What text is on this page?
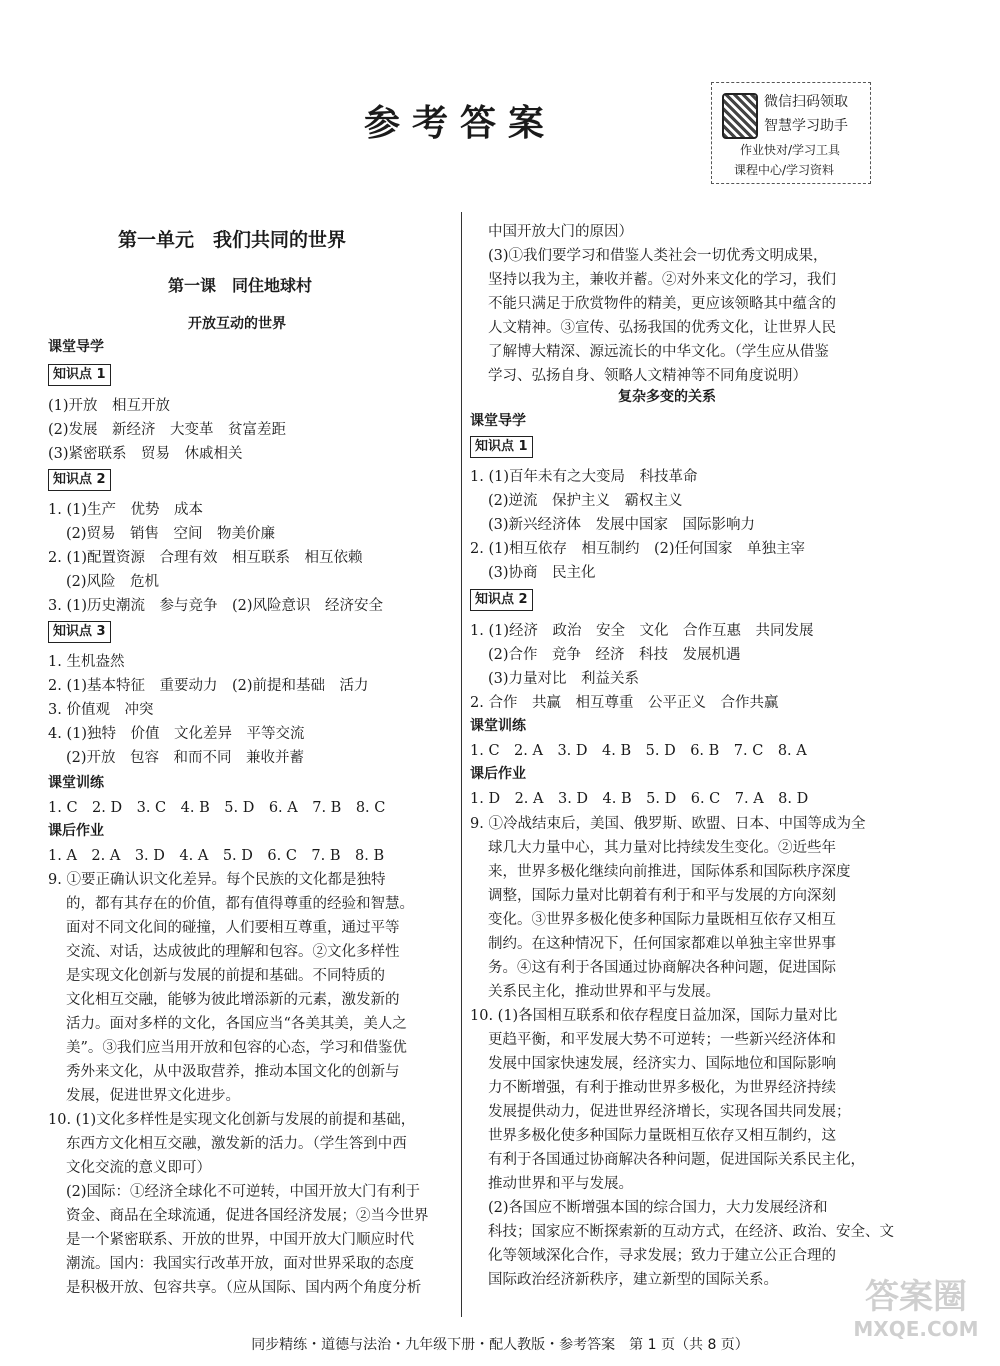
参考答案	微信扫码领取
智慧学习助手
作业快对/学习工具
课程中心/学习资料
第一单元　我们共同的世界
第一课　同住地球村
开放互动的世界
课堂导学
知识点 1
(1)开放　相互开放
(2)发展　新经济　大变革　贫富差距
(3)紧密联系　贸易　休戚相关
知识点 2
1. (1)生产　优势　成本
(2)贸易　销售　空间　物美价廉
2. (1)配置资源　合理有效　相互联系　相互依赖
(2)风险　危机
3. (1)历史潮流　参与竞争　(2)风险意识　经济安全
知识点 3
1. 生机盎然
2. (1)基本特征　重要动力　(2)前提和基础　活力
3. 价值观　冲突
4. (1)独特　价值　文化差异　平等交流
(2)开放　包容　和而不同　兼收并蓄
课堂训练
1. C　2. D　3. C　4. B　5. D　6. A　7. B　8. C
课后作业
1. A　2. A　3. D　4. A　5. D　6. C　7. B　8. B
9. ①要正确认识文化差异。每个民族的文化都是独特
的，都有其存在的价值，都有值得尊重的经验和智慧。
面对不同文化间的碰撞，人们要相互尊重，通过平等
交流、对话，达成彼此的理解和包容。②文化多样性
是实现文化创新与发展的前提和基础。不同特质的
文化相互交融，能够为彼此增添新的元素，激发新的
活力。面对多样的文化，各国应当“各美其美，美人之
美”。③我们应当用开放和包容的心态，学习和借鉴优
秀外来文化，从中汲取营养，推动本国文化的创新与
发展，促进世界文化进步。
10. (1)文化多样性是实现文化创新与发展的前提和基础，
东西方文化相互交融，激发新的活力。（学生答到中西
文化交流的意义即可）
(2)国际：①经济全球化不可逆转，中国开放大门有利于
资金、商品在全球流通，促进各国经济发展；②当今世界
是一个紧密联系、开放的世界，中国开放大门顺应时代
潮流。国内：我国实行改革开放，面对世界采取的态度
是积极开放、包容共享。（应从国际、国内两个角度分析
中国开放大门的原因）
(3)①我们要学习和借鉴人类社会一切优秀文明成果，
坚持以我为主，兼收并蓄。②对外来文化的学习，我们
不能只满足于欣赏物件的精美，更应该领略其中蕴含的
人文精神。③宣传、弘扬我国的优秀文化，让世界人民
了解博大精深、源远流长的中华文化。（学生应从借鉴
学习、弘扬自身、领略人文精神等不同角度说明）
复杂多变的关系
课堂导学
知识点 1
1. (1)百年未有之大变局　科技革命
(2)逆流　保护主义　霸权主义
(3)新兴经济体　发展中国家　国际影响力
2. (1)相互依存　相互制约　(2)任何国家　单独主宰
(3)协商　民主化
知识点 2
1. (1)经济　政治　安全　文化　合作互惠　共同发展
(2)合作　竞争　经济　科技　发展机遇
(3)力量对比　利益关系
2. 合作　共赢　相互尊重　公平正义　合作共赢
课堂训练
1. C　2. A　3. D　4. B　5. D　6. B　7. C　8. A
课后作业
1. D　2. A　3. D　4. B　5. D　6. C　7. A　8. D
9. ①冷战结束后，美国、俄罗斯、欧盟、日本、中国等成为全
球几大力量中心，其力量对比持续发生变化。②近些年
来，世界多极化继续向前推进，国际体系和国际秩序深度
调整，国际力量对比朝着有利于和平与发展的方向深刻
变化。③世界多极化使多种国际力量既相互依存又相互
制约。在这种情况下，任何国家都难以单独主宰世界事
务。④这有利于各国通过协商解决各种问题，促进国际
关系民主化，推动世界和平与发展。
10. (1)各国相互联系和依存程度日益加深，国际力量对比
更趋平衡，和平发展大势不可逆转；一些新兴经济体和
发展中国家快速发展，经济实力、国际地位和国际影响
力不断增强，有利于推动世界多极化，为世界经济持续
发展提供动力，促进世界经济增长，实现各国共同发展；
世界多极化使多种国际力量既相互依存又相互制约，这
有利于各国通过协商解决各种问题，促进国际关系民主化，
推动世界和平与发展。
(2)各国应不断增强本国的综合国力，大力发展经济和
科技；国家应不断探索新的互动方式，在经济、政治、安全、文
化等领域深化合作，寻求发展；致力于建立公正合理的
国际政治经济新秩序，建立新型的国际关系。
同步精练・道德与法治・九年级下册・配人教版・参考答案　第 1 页（共 8 页）
答案圈
MXQE.COM
